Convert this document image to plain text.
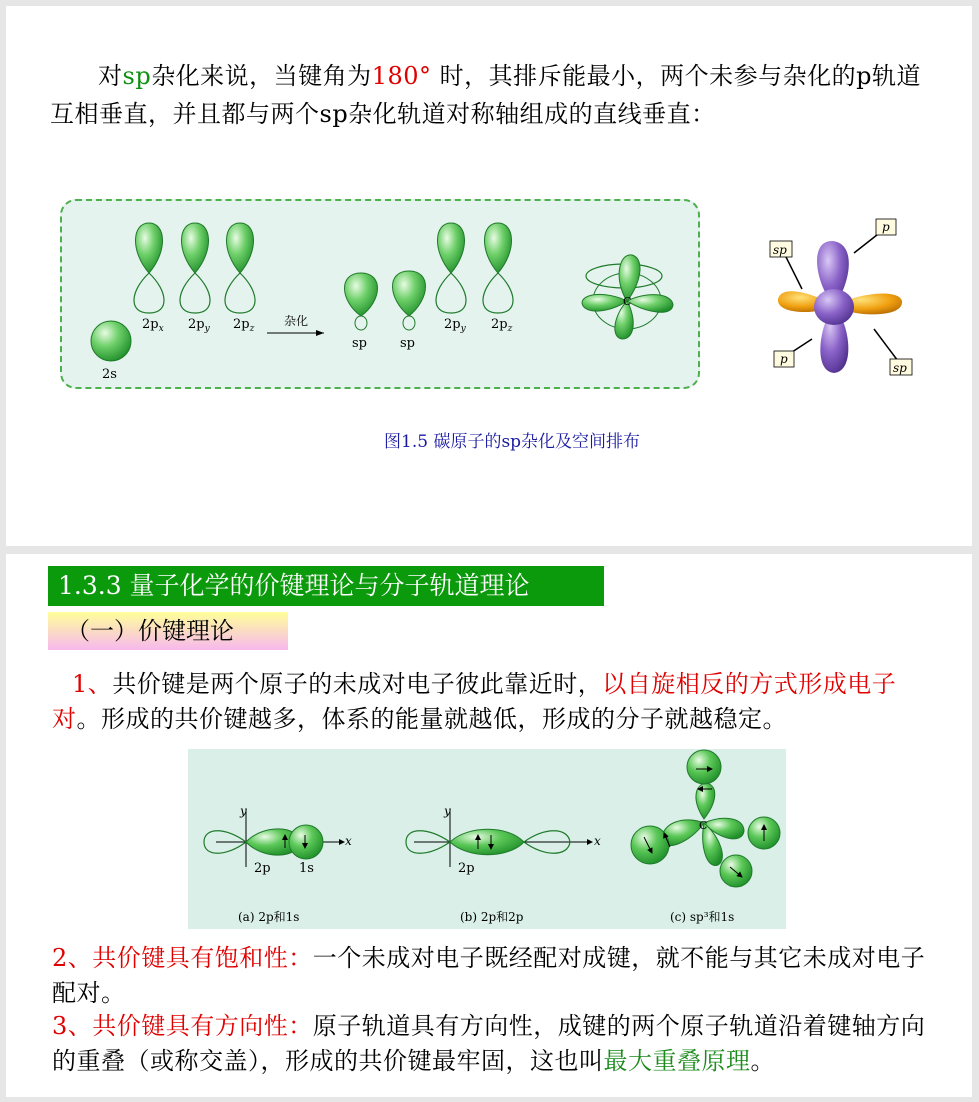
对sp杂化来说，当键角为180° 时，其排斥能最小，两个未参与杂化的p轨道互相垂直，并且都与两个sp杂化轨道对称轴组成的直线垂直：
$2p_x$ $2p_y$ $2p_z$
2s
杂化
sp	sp
$2p_y$ $2p_z$
C
sp
p
p
sp
图1.5 碳原子的sp杂化及空间排布
1.3.3 量子化学的价键理论与分子轨道理论
（一）价键理论
1、共价键是两个原子的未成对电子彼此靠近时，以自旋相反的方式形成电子对。形成的共价键越多，体系的能量就越低，形成的分子就越稳定。
y
x
2p 1s
(a) 2p和1s
y
x
2p
(b) 2p和2p
C
(c) sp³和1s
2、共价键具有饱和性：一个未成对电子既经配对成键，就不能与其它未成对电子配对。
3、共价键具有方向性：原子轨道具有方向性，成键的两个原子轨道沿着键轴方向的重叠（或称交盖），形成的共价键最牢固，这也叫最大重叠原理。
